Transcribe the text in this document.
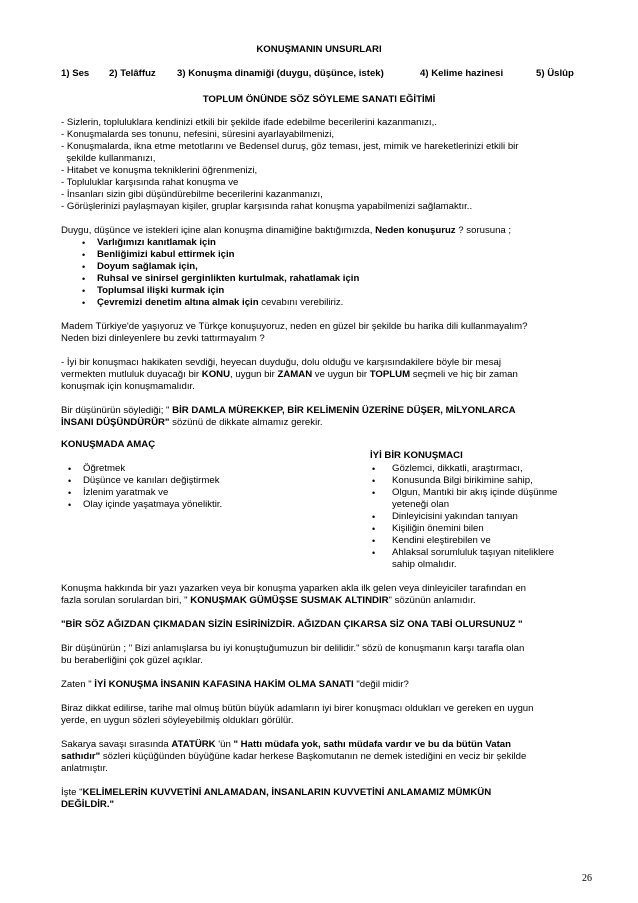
KONUŞMANIN UNSURLARI
1) Ses 2) Telâffuz 3) Konuşma dinamiği (duygu, düşünce, istek)	4) Kelime hazinesi	5) Üslûp
TOPLUM ÖNÜNDE SÖZ SÖYLEME SANATI EĞİTİMİ
- Sizlerin, topluluklara kendinizi etkili bir şekilde ifade edebilme becerilerini kazanmanızı,.
- Konuşmalarda ses tonunu, nefesini, süresini ayarlayabilmenizi,
- Konuşmalarda, ikna etme metotlarını ve Bedensel duruş, göz teması, jest, mimik ve hareketlerinizi etkili bir
şekilde kullanmanızı,
- Hitabet ve konuşma tekniklerini öğrenmenizi,
- Topluluklar karşısında rahat konuşma ve
- İnsanları sizin gibi düşündürebilme becerilerini kazanmanızı,
- Görüşlerinizi paylaşmayan kişiler, gruplar karşısında rahat konuşma yapabilmenizi sağlamaktır..
Duygu, düşünce ve istekleri içine alan konuşma dinamiğine baktığımızda, Neden konuşuruz ? sorusuna ;
• Varlığımızı kanıtlamak için
• Benliğimizi kabul ettirmek için
• Doyum sağlamak için,
• Ruhsal ve sinirsel gerginlikten kurtulmak, rahatlamak için
• Toplumsal ilişki kurmak için
• Çevremizi denetim altına almak için cevabını verebiliriz.
Madem Türkiye'de yaşıyoruz ve Türkçe konuşuyoruz, neden en güzel bir şekilde bu harika dili kullanmayalım?
Neden bizi dinleyenlere bu zevki tattırmayalım ?
- İyi bir konuşmacı hakikaten sevdiği, heyecan duyduğu, dolu olduğu ve karşısındakilere böyle bir mesaj
vermekten mutluluk duyacağı bir KONU, uygun bir ZAMAN ve uygun bir TOPLUM seçmeli ve hiç bir zaman
konuşmak için konuşmamalıdır.
Bir düşünürün söylediği; " BİR DAMLA MÜREKKEP, BİR KELİMENİN ÜZERİNE DÜŞER, MİLYONLARCA
İNSANI DÜŞÜNDÜRÜR" sözünü de dikkate almamız gerekir.
KONUŞMADA AMAÇ
• Öğretmek
• Düşünce ve kanıları değiştirmek
• İzlenim yaratmak ve
• Olay içinde yaşatmaya yöneliktir.
İYİ BİR KONUŞMACI
• Gözlemci, dikkatli, araştırmacı,
• Konusunda Bilgi birikimine sahip,
• Olgun, Mantıki bir akış içinde düşünme
yeteneği olan
• Dinleyicisini yakından tanıyan
• Kişiliğin önemini bilen
• Kendini eleştirebilen ve
• Ahlaksal sorumluluk taşıyan niteliklere
sahip olmalıdır.
Konuşma hakkında bir yazı yazarken veya bir konuşma yaparken akla ilk gelen veya dinleyiciler tarafından en
fazla sorulan sorulardan biri, " KONUŞMAK GÜMÜŞSE SUSMAK ALTINDIR" sözünün anlamıdır.
"BİR SÖZ AĞIZDAN ÇIKMADAN SİZİN ESİRİNİZDİR. AĞIZDAN ÇIKARSA SİZ ONA TABİ OLURSUNUZ "
Bir düşünürün ; " Bizi anlamışlarsa bu iyi konuştuğumuzun bir delilidir." sözü de konuşmanın karşı tarafla olan
bu beraberliğini çok güzel açıklar.
Zaten " İYİ KONUŞMA İNSANIN KAFASINA HAKİM OLMA SANATI "değil midir?
Biraz dikkat edilirse, tarihe mal olmuş bütün büyük adamların iyi birer konuşmacı oldukları ve gereken en uygun
yerde, en uygun sözleri söyleyebilmiş oldukları görülür.
Sakarya savaşı sırasında ATATÜRK 'ün " Hattı müdafa yok, sathı müdafa vardır ve bu da bütün Vatan
sathıdır" sözleri küçüğünden büyüğüne kadar herkese Başkomutanın ne demek istediğini en veciz bir şekilde
anlatmıştır.
İşte "KELİMELERİN KUVVETİNİ ANLAMADAN, İNSANLARIN KUVVETİNİ ANLAMAMIZ MÜMKÜN
DEĞİLDİR."
26
